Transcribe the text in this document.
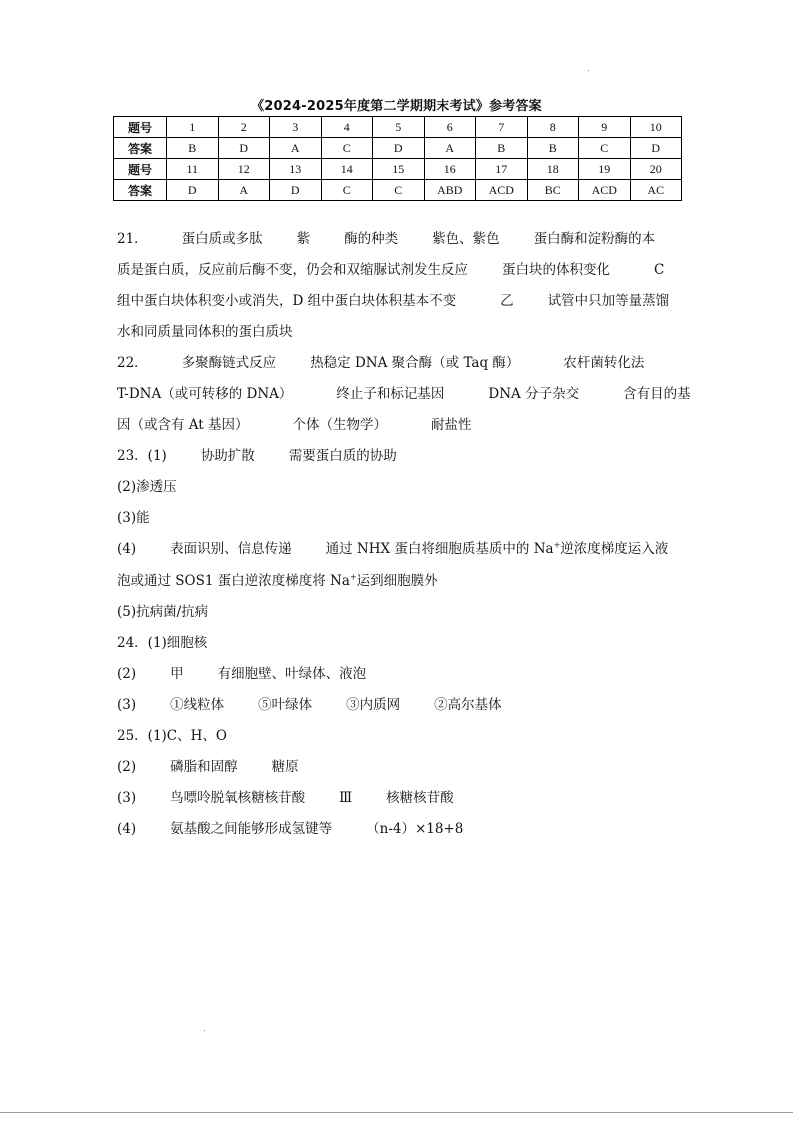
《2024-2025年度第二学期期末考试》参考答案
题号	1	2	3	4	5	6	7	8	9	10
答案	B	D	A	C	D	A	B	B	C	D
题号	11	12	13	14	15	16	17	18	19	20
答案	D	A	D	C	C	ABD	ACD	BC	ACD	AC
21．	蛋白质或多肽	紫	酶的种类	紫色、紫色	蛋白酶和淀粉酶的本
质是蛋白质，反应前后酶不变，仍会和双缩脲试剂发生反应	蛋白块的体积变化	C
组中蛋白块体积变小或消失，D 组中蛋白块体积基本不变	乙	试管中只加等量蒸馏
水和同质量同体积的蛋白质块
22．	多聚酶链式反应	热稳定 DNA 聚合酶（或 Taq 酶）	农杆菌转化法
T-DNA（或可转移的 DNA）	终止子和标记基因	DNA 分子杂交	含有目的基
因（或含有 At 基因）	个体（生物学）	耐盐性
23．(1)	协助扩散	需要蛋白质的协助
(2)渗透压
(3)能
(4)	表面识别、信息传递	通过 NHX 蛋白将细胞质基质中的 Na+逆浓度梯度运入液
泡或通过 SOS1 蛋白逆浓度梯度将 Na+运到细胞膜外
(5)抗病菌/抗病
24．(1)细胞核
(2)	甲	有细胞壁、叶绿体、液泡
(3)	①线粒体	⑤叶绿体	③内质网	②高尔基体
25．(1)C、H、O
(2)	磷脂和固醇	糖原
(3)	鸟嘌呤脱氧核糖核苷酸	Ⅲ	核糖核苷酸
(4)	氨基酸之间能够形成氢键等	（n-4）×18+8
